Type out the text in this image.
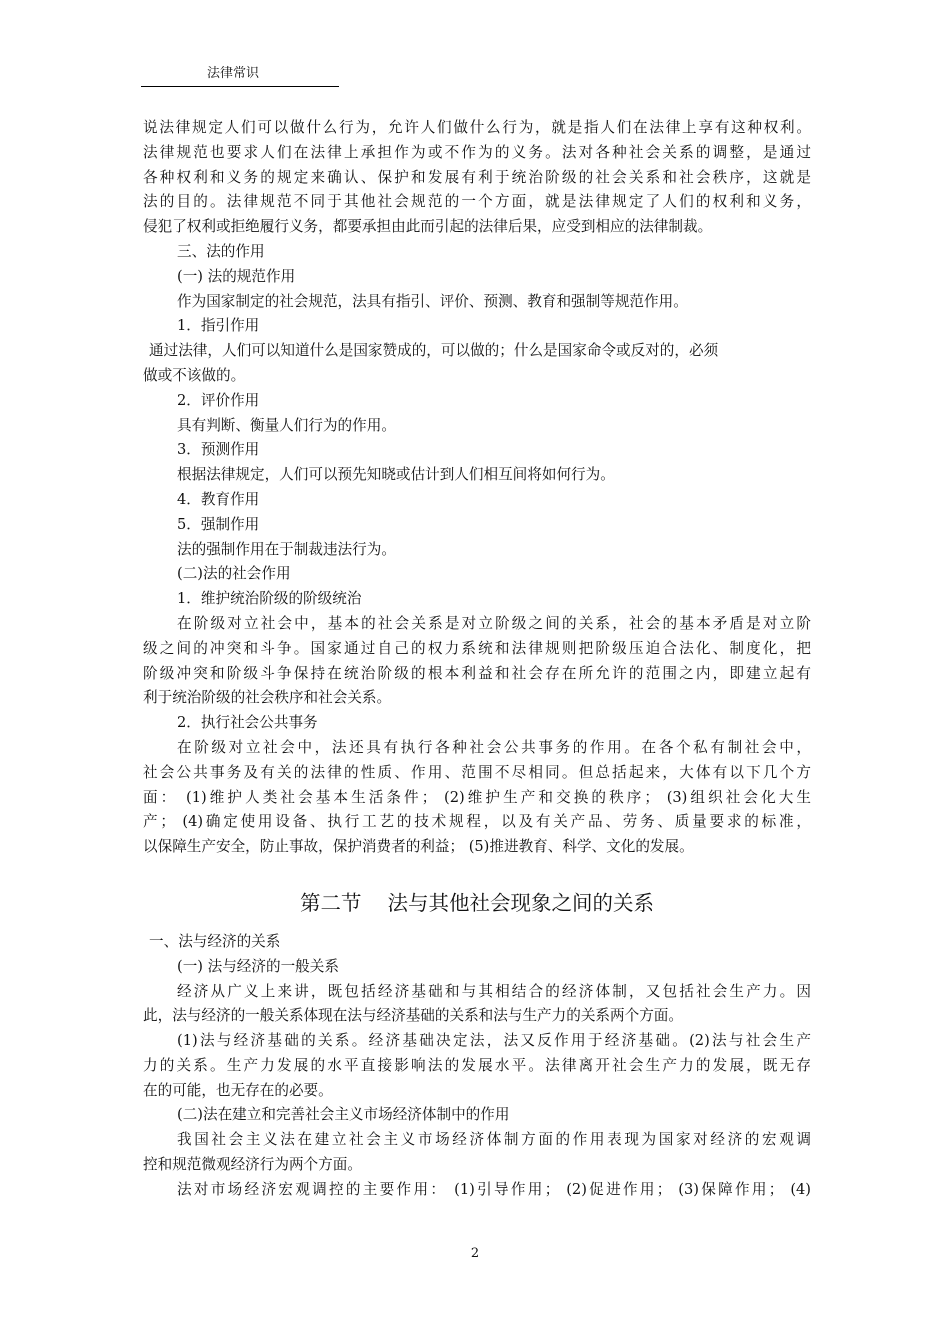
法律常识

说法律规定人们可以做什么行为，允许人们做什么行为，就是指人们在法律上享有这种权利。

法律规范也要求人们在法律上承担作为或不作为的义务。法对各种社会关系的调整，是通过

各种权利和义务的规定来确认、保护和发展有利于统治阶级的社会关系和社会秩序，这就是

法的目的。法律规范不同于其他社会规范的一个方面，就是法律规定了人们的权利和义务，

侵犯了权利或拒绝履行义务，都要承担由此而引起的法律后果，应受到相应的法律制裁。

三、法的作用

(一) 法的规范作用

作为国家制定的社会规范，法具有指引、评价、预测、教育和强制等规范作用。

1．指引作用

通过法律，人们可以知道什么是国家赞成的，可以做的；什么是国家命令或反对的，必须

做或不该做的。

2．评价作用

具有判断、衡量人们行为的作用。

3．预测作用

根据法律规定，人们可以预先知晓或估计到人们相互间将如何行为。

4．教育作用

5．强制作用

法的强制作用在于制裁违法行为。

(二)法的社会作用

1．维护统治阶级的阶级统治

在阶级对立社会中，基本的社会关系是对立阶级之间的关系，社会的基本矛盾是对立阶

级之间的冲突和斗争。国家通过自己的权力系统和法律规则把阶级压迫合法化、制度化，把

阶级冲突和阶级斗争保持在统治阶级的根本利益和社会存在所允许的范围之内，即建立起有

利于统治阶级的社会秩序和社会关系。

2．执行社会公共事务

在阶级对立社会中，法还具有执行各种社会公共事务的作用。在各个私有制社会中，

社会公共事务及有关的法律的性质、作用、范围不尽相同。但总括起来，大体有以下几个方

面： (1)维护人类社会基本生活条件； (2)维护生产和交换的秩序； (3)组织社会化大生

产； (4)确定使用设备、执行工艺的技术规程，以及有关产品、劳务、质量要求的标准，

以保障生产安全，防止事故，保护消费者的利益； (5)推进教育、科学、文化的发展。

第二节    法与其他社会现象之间的关系

一、法与经济的关系

(一) 法与经济的一般关系

经济从广义上来讲，既包括经济基础和与其相结合的经济体制，又包括社会生产力。因

此，法与经济的一般关系体现在法与经济基础的关系和法与生产力的关系两个方面。

(1)法与经济基础的关系。经济基础决定法，法又反作用于经济基础。(2)法与社会生产

力的关系。生产力发展的水平直接影响法的发展水平。法律离开社会生产力的发展，既无存

在的可能，也无存在的必要。

(二)法在建立和完善社会主义市场经济体制中的作用

我国社会主义法在建立社会主义市场经济体制方面的作用表现为国家对经济的宏观调

控和规范微观经济行为两个方面。

法对市场经济宏观调控的主要作用： (1)引导作用； (2)促进作用； (3)保障作用； (4)

2
